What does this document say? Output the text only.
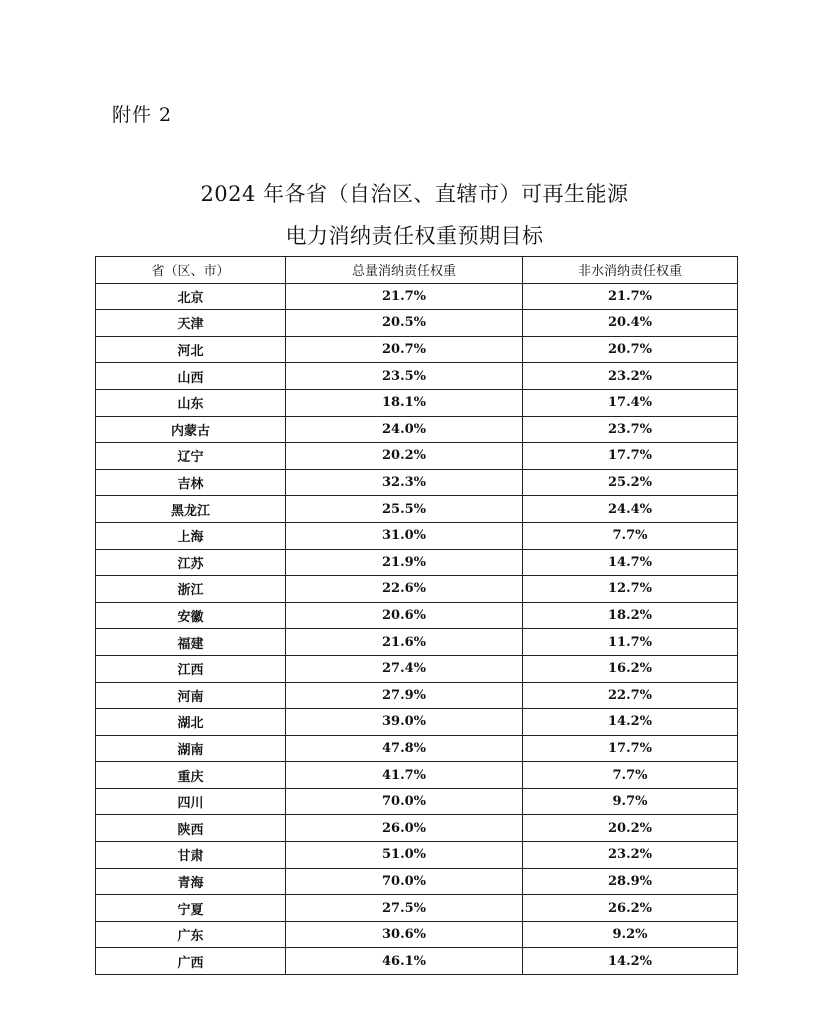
附件 2
2024 年各省（自治区、直辖市）可再生能源
电力消纳责任权重预期目标
省（区、市）	总量消纳责任权重	非水消纳责任权重
北京	21.7%	21.7%
天津	20.5%	20.4%
河北	20.7%	20.7%
山西	23.5%	23.2%
山东	18.1%	17.4%
内蒙古	24.0%	23.7%
辽宁	20.2%	17.7%
吉林	32.3%	25.2%
黑龙江	25.5%	24.4%
上海	31.0%	7.7%
江苏	21.9%	14.7%
浙江	22.6%	12.7%
安徽	20.6%	18.2%
福建	21.6%	11.7%
江西	27.4%	16.2%
河南	27.9%	22.7%
湖北	39.0%	14.2%
湖南	47.8%	17.7%
重庆	41.7%	7.7%
四川	70.0%	9.7%
陕西	26.0%	20.2%
甘肃	51.0%	23.2%
青海	70.0%	28.9%
宁夏	27.5%	26.2%
广东	30.6%	9.2%
广西	46.1%	14.2%
